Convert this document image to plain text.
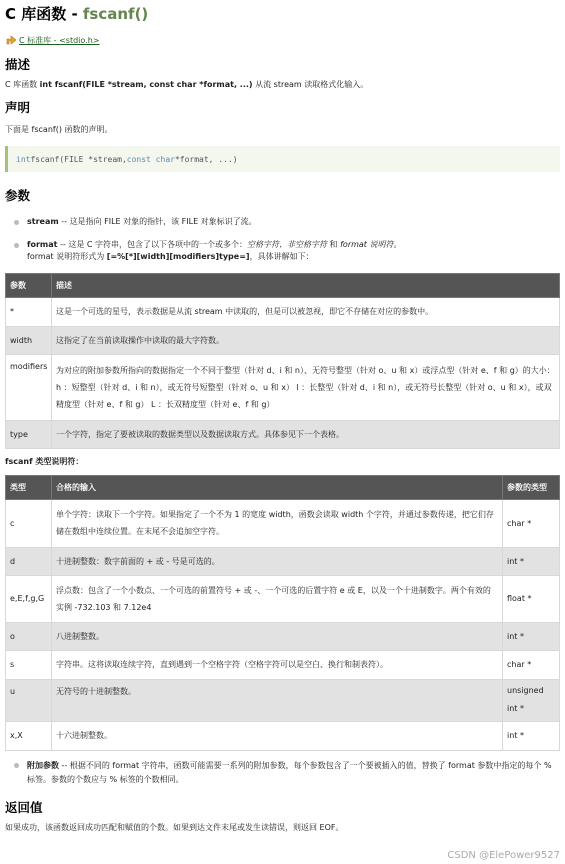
C 库函数 - fscanf()
C 标准库 - <stdio.h>
描述

C 库函数 int fscanf(FILE *stream, const char *format, ...) 从流 stream 读取格式化输入。

声明

下面是 fscanf() 函数的声明。

int fscanf(FILE *stream, const char *format, ...)
参数
stream -- 这是指向 FILE 对象的指针，该 FILE 对象标识了流。
format -- 这是 C 字符串，包含了以下各项中的一个或多个：空格字符、非空格字符 和 format 说明符。
format 说明符形式为 [=%[*][width][modifiers]type=]，具体讲解如下：
参数	描述
*	这是一个可选的星号，表示数据是从流 stream 中读取的，但是可以被忽视，即它不存储在对应的参数中。
width	这指定了在当前读取操作中读取的最大字符数。
modifiers	为对应的附加参数所指向的数据指定一个不同于整型（针对 d、i 和 n）、无符号整型（针对 o、u 和 x）或浮点型（针对 e、f 和 g）的大小： h ：短整型（针对 d、i 和 n），或无符号短整型（针对 o、u 和 x） l ：长整型（针对 d、i 和 n），或无符号长整型（针对 o、u 和 x），或双精度型（针对 e、f 和 g） L ：长双精度型（针对 e、f 和 g）
type	一个字符，指定了要被读取的数据类型以及数据读取方式。具体参见下一个表格。

fscanf 类型说明符：

类型	合格的输入	参数的类型
c	单个字符：读取下一个字符。如果指定了一个不为 1 的宽度 width，函数会读取 width 个字符，并通过参数传递，把它们存储在数组中连续位置。在末尾不会追加空字符。	char *
d	十进制整数：数字前面的 + 或 - 号是可选的。	int *
e,E,f,g,G	浮点数：包含了一个小数点、一个可选的前置符号 + 或 -、一个可选的后置字符 e 或 E，以及一个十进制数字。两个有效的实例 -732.103 和 7.12e4	float *
o	八进制整数。	int *
s	字符串。这将读取连续字符，直到遇到一个空格字符（空格字符可以是空白、换行和制表符）。	char *
u	无符号的十进制整数。	unsigned int *
x,X	十六进制整数。	int *
附加参数 -- 根据不同的 format 字符串，函数可能需要一系列的附加参数，每个参数包含了一个要被插入的值，替换了 format 参数中指定的每个 % 标签。参数的个数应与 % 标签的个数相同。
返回值

如果成功，该函数返回成功匹配和赋值的个数。如果到达文件末尾或发生读错误，则返回 EOF。

CSDN @ElePower9527
